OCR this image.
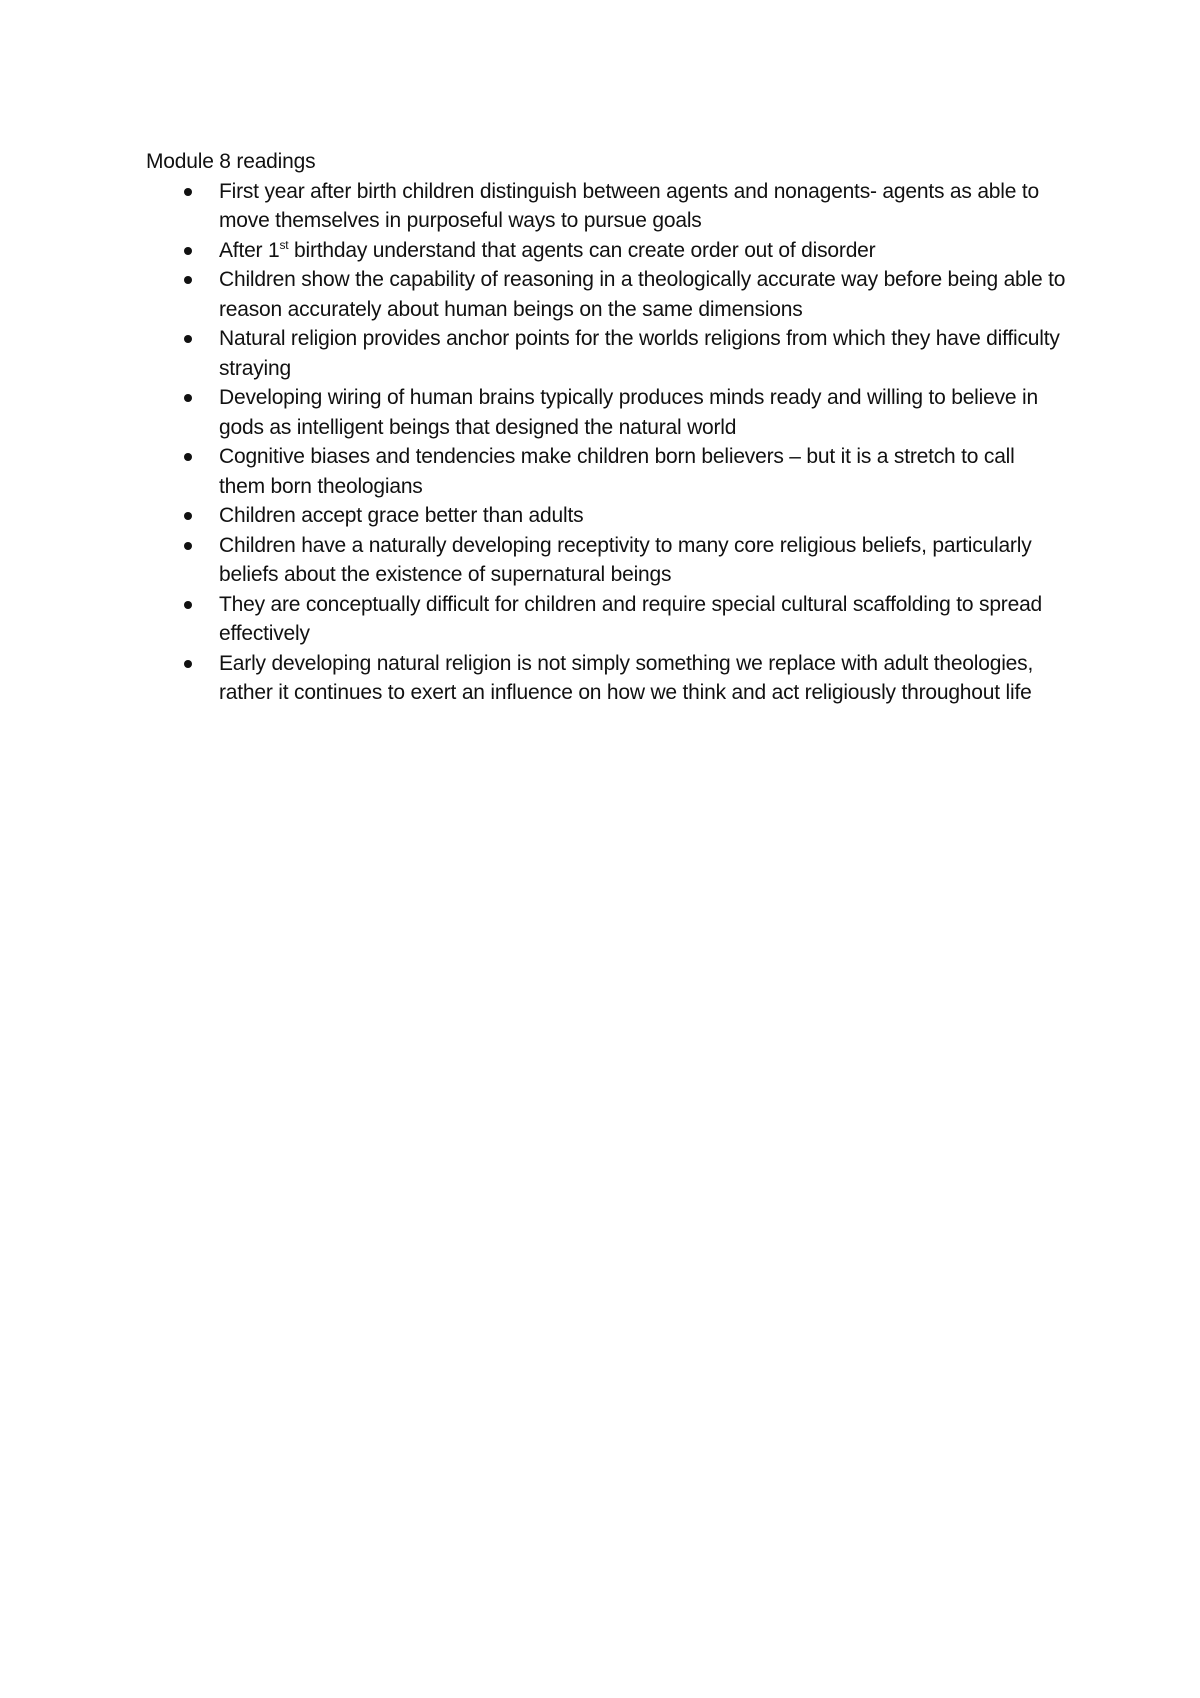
Module 8 readings

First year after birth children distinguish between agents and nonagents- agents as able to move themselves in purposeful ways to pursue goals
After 1st birthday understand that agents can create order out of disorder
Children show the capability of reasoning in a theologically accurate way before being able to reason accurately about human beings on the same dimensions
Natural religion provides anchor points for the worlds religions from which they have difficulty straying
Developing wiring of human brains typically produces minds ready and willing to believe in gods as intelligent beings that designed the natural world
Cognitive biases and tendencies make children born believers – but it is a stretch to call them born theologians
Children accept grace better than adults
Children have a naturally developing receptivity to many core religious beliefs, particularly beliefs about the existence of supernatural beings
They are conceptually difficult for children and require special cultural scaffolding to spread effectively
Early developing natural religion is not simply something we replace with adult theologies, rather it continues to exert an influence on how we think and act religiously throughout life
